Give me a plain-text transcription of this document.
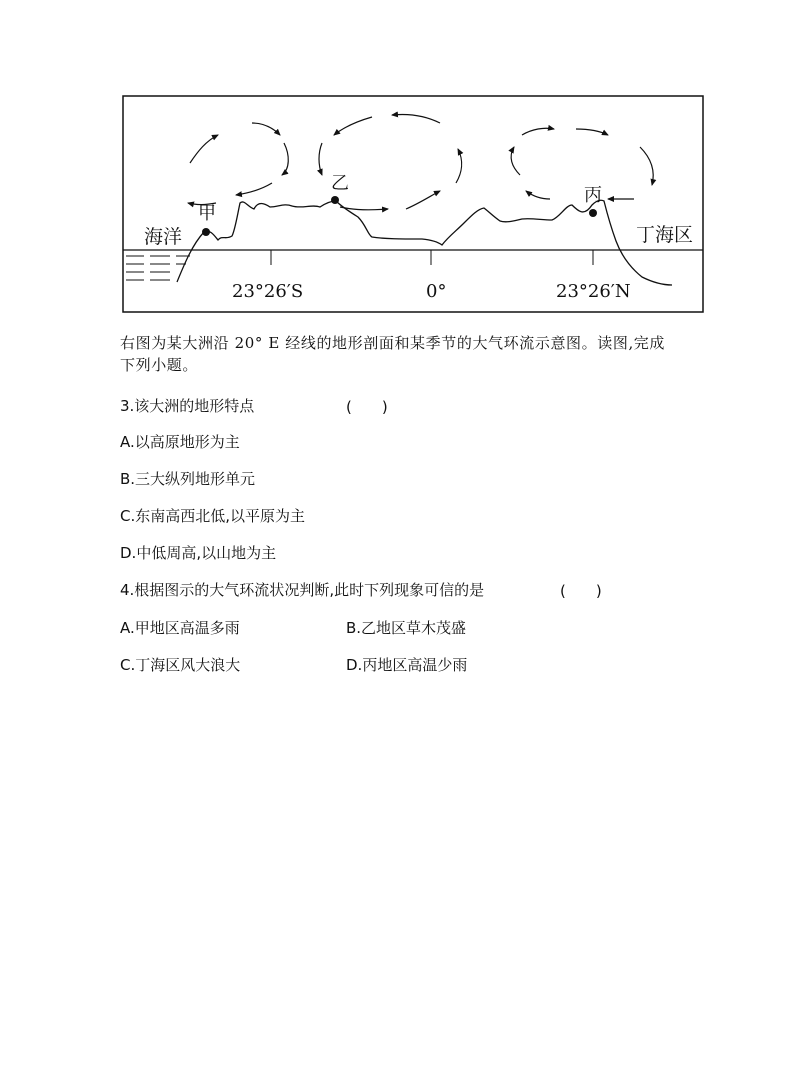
海洋
甲
乙
丙
丁海区
23°26′S	0°	23°26′N
右图为某大洲沿 20° E 经线的地形剖面和某季节的大气环流示意图。读图,完成下列小题。
3.该大洲的地形特点	(　　)
A.以高原地形为主
B.三大纵列地形单元
C.东南高西北低,以平原为主
D.中低周高,以山地为主
4.根据图示的大气环流状况判断,此时下列现象可信的是	(　　)
A.甲地区高温多雨	B.乙地区草木茂盛
C.丁海区风大浪大	D.丙地区高温少雨
